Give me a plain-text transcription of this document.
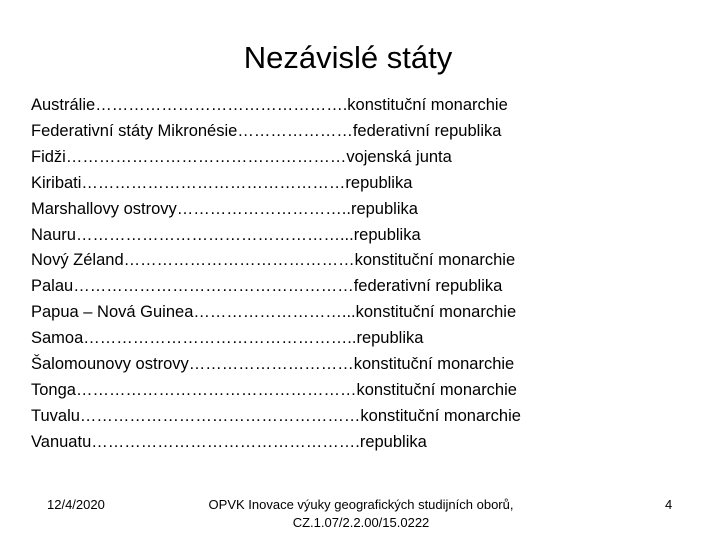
Nezávislé státy
Austrálie……………………………………….konstituční monarchie
Federativní státy Mikronésie…………………federativní republika
Fidži……………………………………………vojenská junta
Kiribati…………………………………………republika
Marshallovy ostrovy…………………………..republika
Nauru…………………………………………...republika
Nový Zéland……………………………………konstituční monarchie
Palau……………………………………………federativní republika
Papua – Nová Guinea………………………...konstituční monarchie
Samoa…………………………………………..republika
Šalomounovy ostrovy…………………………konstituční monarchie
Tonga……………………………………………konstituční monarchie
Tuvalu……………………………………………konstituční monarchie
Vanuatu………………………………………….republika
12/4/2020	OPVK Inovace výuky geografických studijních oborů,
CZ.1.07/2.2.00/15.0222
4
